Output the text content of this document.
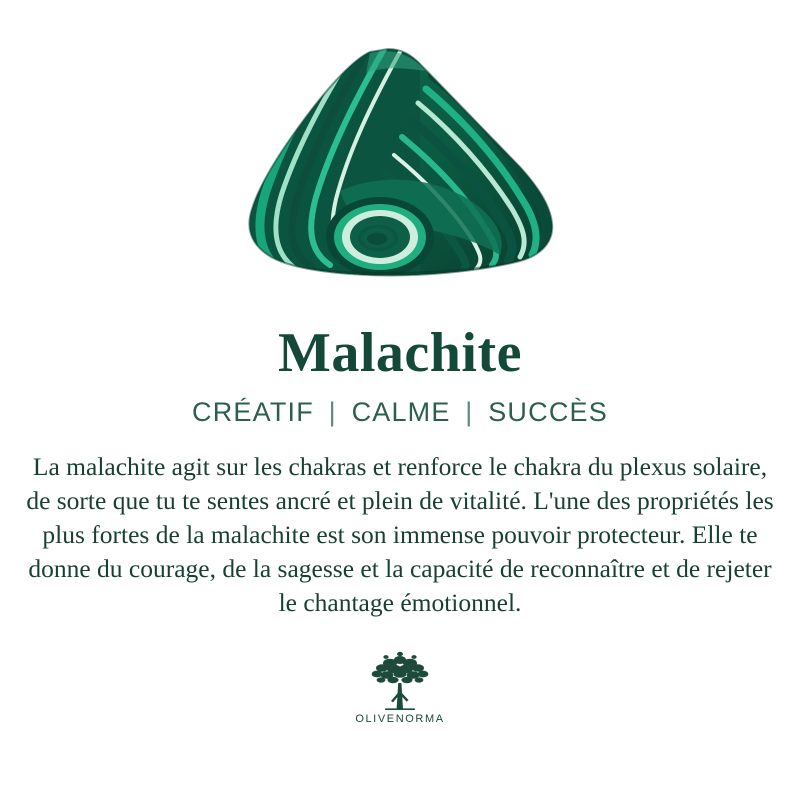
Malachite
CRÉATIF | CALME | SUCCÈS
La malachite agit sur les chakras et renforce le chakra du plexus solaire, de sorte que tu te sentes ancré et plein de vitalité. L'une des propriétés les plus fortes de la malachite est son immense pouvoir protecteur. Elle te donne du courage, de la sagesse et la capacité de reconnaître et de rejeter le chantage émotionnel.
OLIVENORMA
